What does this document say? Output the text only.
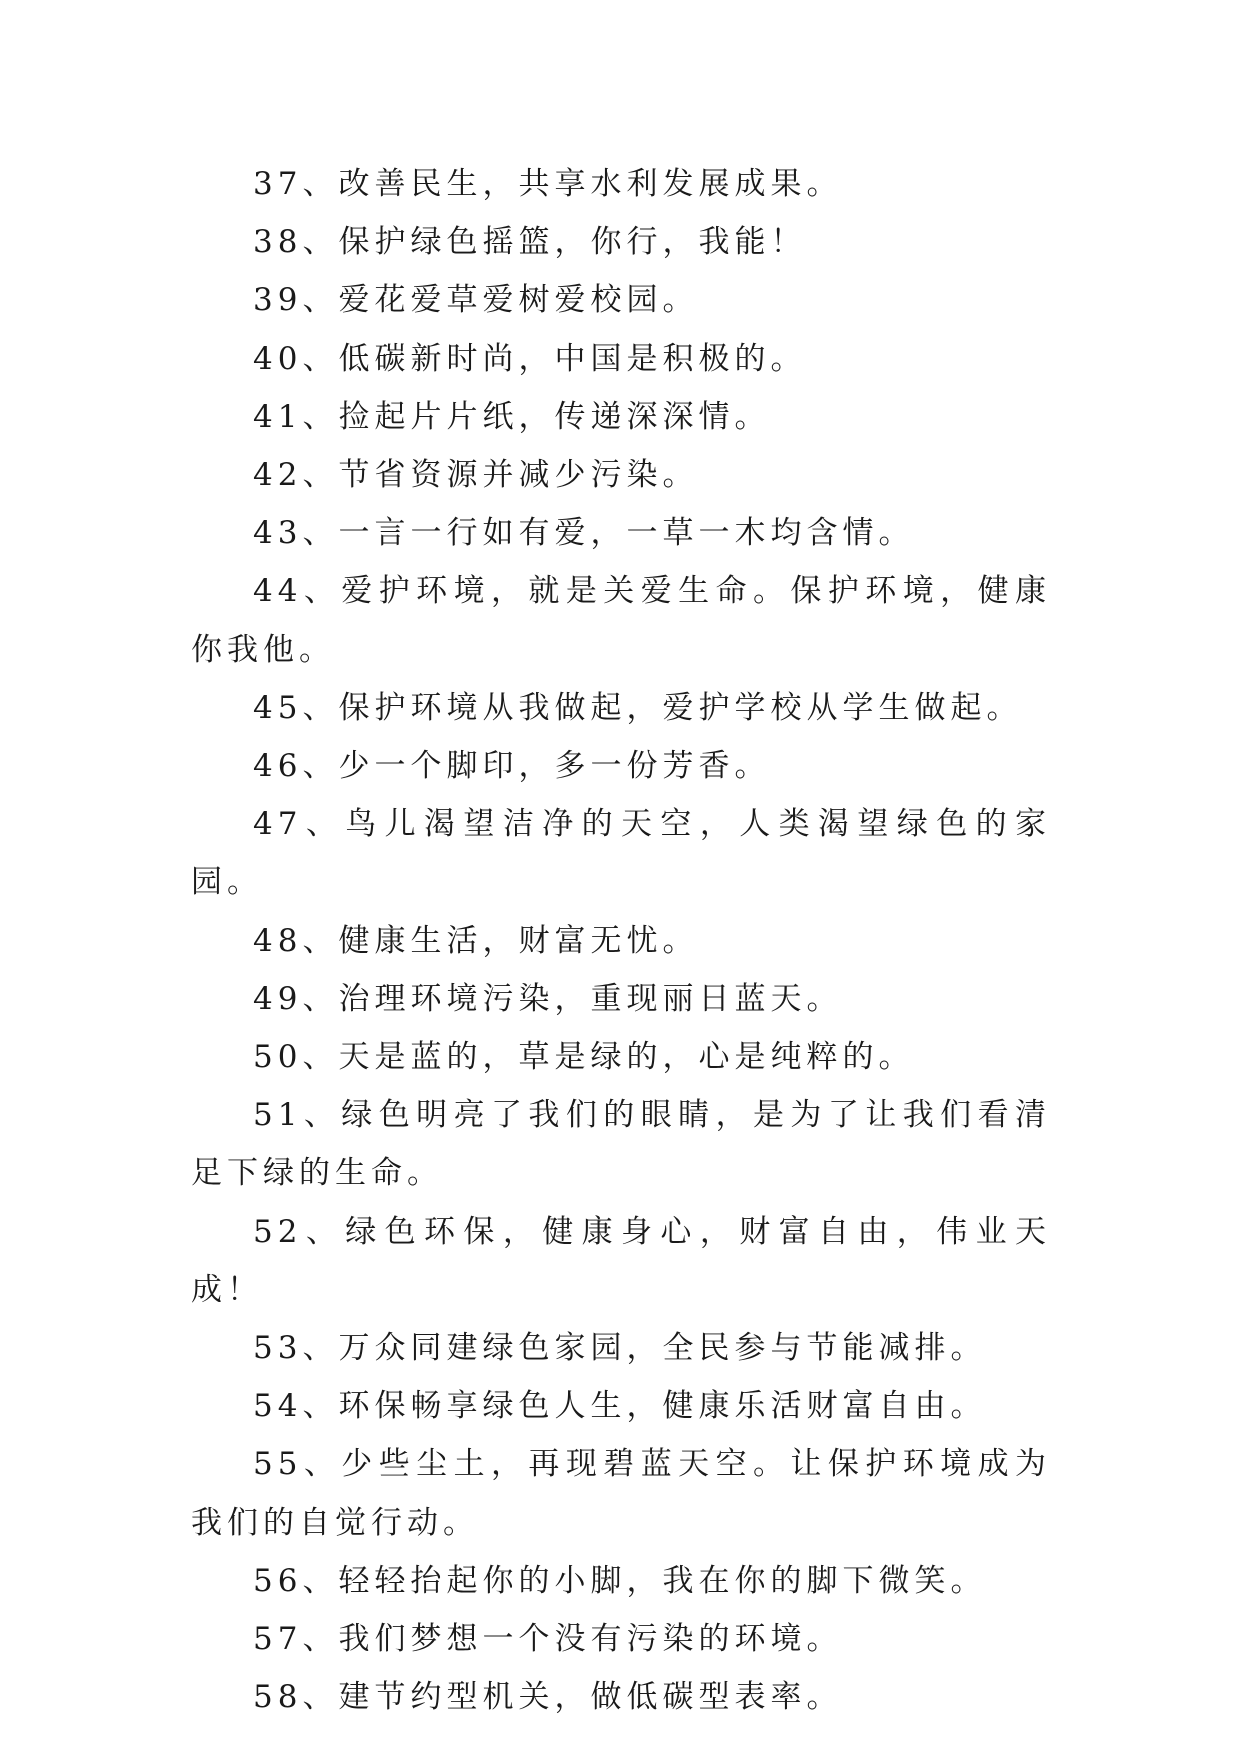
37、改善民生，共享水利发展成果。

38、保护绿色摇篮，你行，我能！

39、爱花爱草爱树爱校园。

40、低碳新时尚，中国是积极的。

41、捡起片片纸，传递深深情。

42、节省资源并减少污染。

43、一言一行如有爱，一草一木均含情。

44、爱护环境，就是关爱生命。保护环境，健康你我他。

45、保护环境从我做起，爱护学校从学生做起。

46、少一个脚印，多一份芳香。

47、鸟儿渴望洁净的天空，人类渴望绿色的家园。

48、健康生活，财富无忧。

49、治理环境污染，重现丽日蓝天。

50、天是蓝的，草是绿的，心是纯粹的。

51、绿色明亮了我们的眼睛，是为了让我们看清足下绿的生命。

52、绿色环保，健康身心，财富自由，伟业天成！

53、万众同建绿色家园，全民参与节能减排。

54、环保畅享绿色人生，健康乐活财富自由。

55、少些尘土，再现碧蓝天空。让保护环境成为我们的自觉行动。

56、轻轻抬起你的小脚，我在你的脚下微笑。

57、我们梦想一个没有污染的环境。

58、建节约型机关，做低碳型表率。
